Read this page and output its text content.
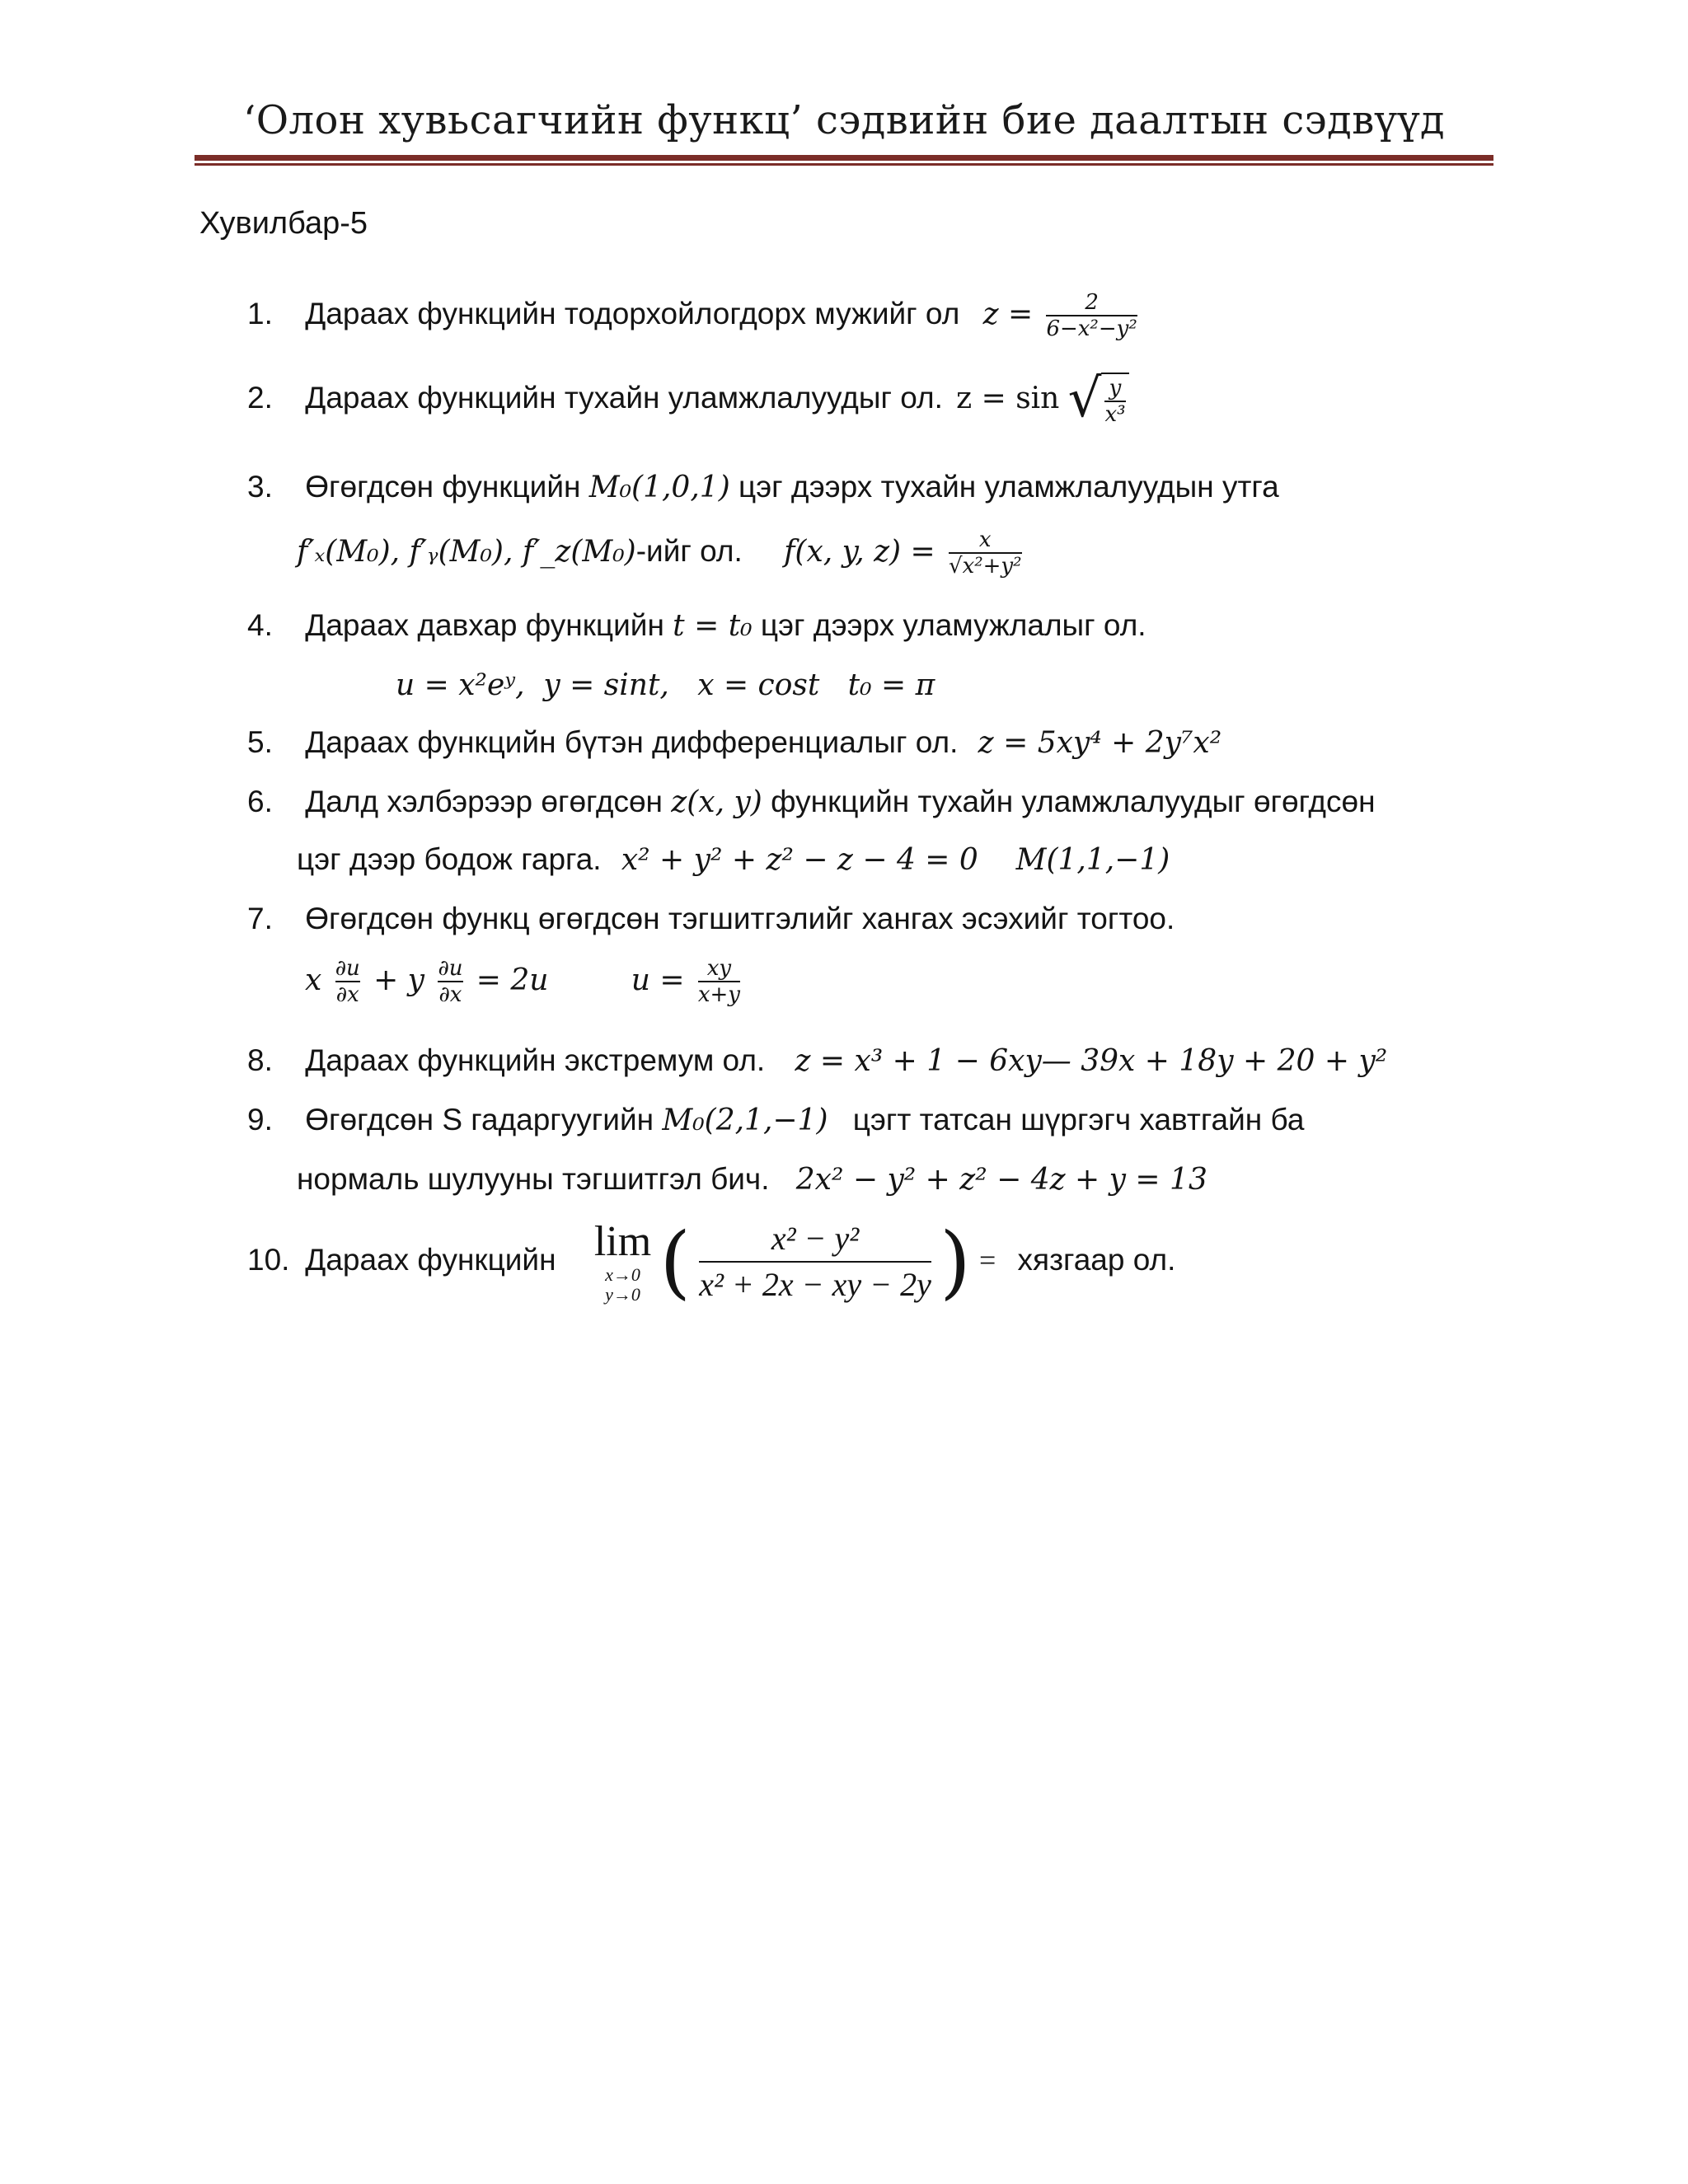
‘Олон хувьсагчийн функц’ сэдвийн бие даалтын сэдвүүд
Хувилбар-5
1. Дараах функцийн тодорхойлогдорх мужийг ол $z = \frac{2}{\text{6−x²−y²}}$
2. Дараах функцийн тухайн уламжлалуудыг ол. z = sin √ $\frac{y}{\text{x³}}$
3. Өгөгдсөн функцийн M₀(1,0,1) цэг дээрх тухайн уламжлалуудын утга
f′ₓ(M₀), f′ᵧ(M₀), f′_z(M₀)-ийг ол. f(x, y, $z) = \frac{x}{\text{√x²+y²}}$
4. Дараах давхар функцийн t = t₀ цэг дээрх уламужлалыг ол.
u = x²eʸ,  y = sint,   x = cost   t₀ = π
5. Дараах функцийн бүтэн дифференциалыг ол. z = 5xy⁴ + 2y⁷x²
6. Далд хэлбэрээр өгөгдсөн z(x, y) функцийн тухайн уламжлалуудыг өгөгдсөн
цэг дээр бодож гарга. x² + y² + z² − z − 4 = 0    M(1,1,−1)
7. Өгөгдсөн функц өгөгдсөн тэгшитгэлийг хангах эсэхийг тогтоо.
x $\frac{\partial u}{\partial x} + y \frac{\partial u}{\partial x} = 2u$	$u = \frac{xy}{x+y}$
8. Дараах функцийн экстремум ол. z = x³ + 1 − 6xy— 39x + 18y + 20 + y²
9. Өгөгдсөн S гадаргуугийн M₀(2,1,−1) цэгт татсан шүргэгч хавтгайн ба
нормаль шулууны тэгшитгэл бич. 2x² − y² + z² − 4z + y = 13
10. Дараах функцийн lim
x→0
y→0 ( $\frac{\text{x² − y²}}{\text{x² + 2x − xy − 2y}}$ ) = хязгаар ол.
